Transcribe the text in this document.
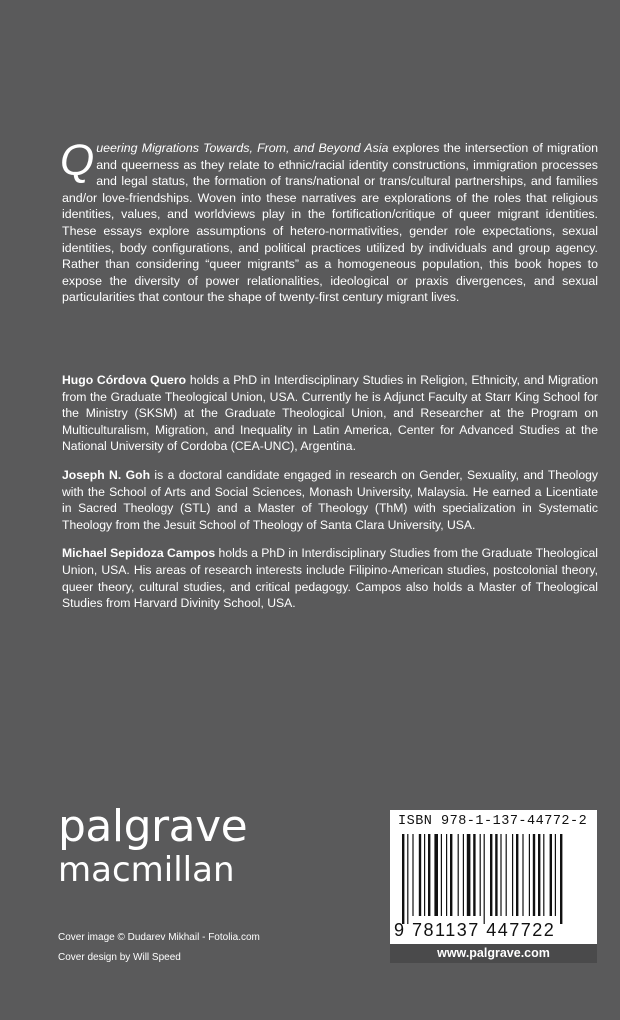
Queering Migrations Towards, From, and Beyond Asia explores the intersection of migration and queerness as they relate to ethnic/racial identity constructions, immigration processes and legal status, the formation of trans/national or trans/cultural partnerships, and families and/or love-friendships. Woven into these narratives are explorations of the roles that religious identities, values, and worldviews play in the fortification/critique of queer migrant identities. These essays explore assumptions of hetero-normativities, gender role expectations, sexual identities, body configurations, and political practices utilized by individuals and group agency. Rather than considering “queer migrants” as a homogeneous population, this book hopes to expose the diversity of power relationalities, ideological or praxis divergences, and sexual particularities that contour the shape of twenty-first century migrant lives.

Hugo Córdova Quero holds a PhD in Interdisciplinary Studies in Religion, Ethnicity, and Migration from the Graduate Theological Union, USA. Currently he is Adjunct Faculty at Starr King School for the Ministry (SKSM) at the Graduate Theological Union, and Researcher at the Program on Multiculturalism, Migration, and Inequality in Latin America, Center for Advanced Studies at the National University of Cordoba (CEA-UNC), Argentina.

Joseph N. Goh is a doctoral candidate engaged in research on Gender, Sexuality, and Theology with the School of Arts and Social Sciences, Monash University, Malaysia. He earned a Licentiate in Sacred Theology (STL) and a Master of Theology (ThM) with specialization in Systematic Theology from the Jesuit School of Theology of Santa Clara University, USA.

Michael Sepidoza Campos holds a PhD in Interdisciplinary Studies from the Graduate Theological Union, USA. His areas of research interests include Filipino-American studies, postcolonial theory, queer theory, cultural studies, and critical pedagogy. Campos also holds a Master of Theological Studies from Harvard Divinity School, USA.

palgrave
macmillan
Cover image © Dudarev Mikhail - Fotolia.com
Cover design by Will Speed
ISBN 978-1-137-44772-2
9 781137 447722
www.palgrave.com
